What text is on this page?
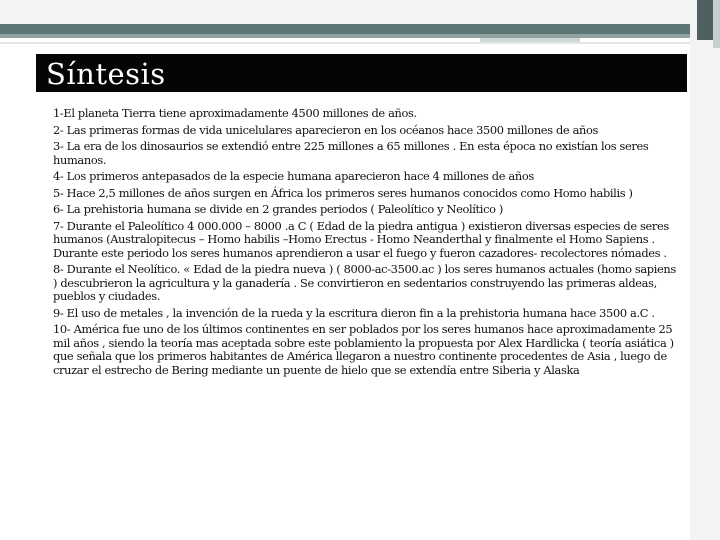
Síntesis

1-El planeta Tierra tiene aproximadamente 4500 millones de años.

2- Las primeras formas de vida unicelulares aparecieron en los océanos hace 3500 millones de años

3- La era de los dinosaurios se extendió entre 225 millones a 65 millones . En esta época no existían los seres humanos.

4- Los primeros antepasados de la especie humana aparecieron hace 4 millones de años

5- Hace 2,5 millones de años surgen en África los primeros seres humanos conocidos como Homo habilis )

6- La prehistoria humana se divide en 2 grandes periodos ( Paleolítico y Neolítico )

7- Durante el Paleolítico 4 000.000 – 8000 .a C ( Edad de la piedra antigua ) existieron diversas especies de seres humanos (Australopitecus – Homo habilis –Homo Erectus - Homo Neanderthal y finalmente el Homo Sapiens . Durante este periodo los seres humanos aprendieron a usar el fuego y fueron cazadores- recolectores nómades .

8- Durante el Neolítico. « Edad de la piedra nueva ) ( 8000-ac-3500.ac ) los seres humanos actuales (homo sapiens ) descubrieron la agricultura y la ganadería . Se convirtieron en sedentarios construyendo las primeras aldeas, pueblos y ciudades.

9- El uso de metales , la invención de la rueda y la escritura dieron fin a la prehistoria humana hace 3500 a.C .

10- América fue uno de los últimos continentes en ser poblados por los seres humanos hace aproximadamente 25 mil años , siendo la teoría mas aceptada sobre este poblamiento la propuesta por Alex Hardlicka ( teoría asiática ) que señala que los primeros habitantes de América llegaron a nuestro continente procedentes de Asia , luego de cruzar el estrecho de Bering mediante un puente de hielo que se extendía entre Siberia y Alaska
